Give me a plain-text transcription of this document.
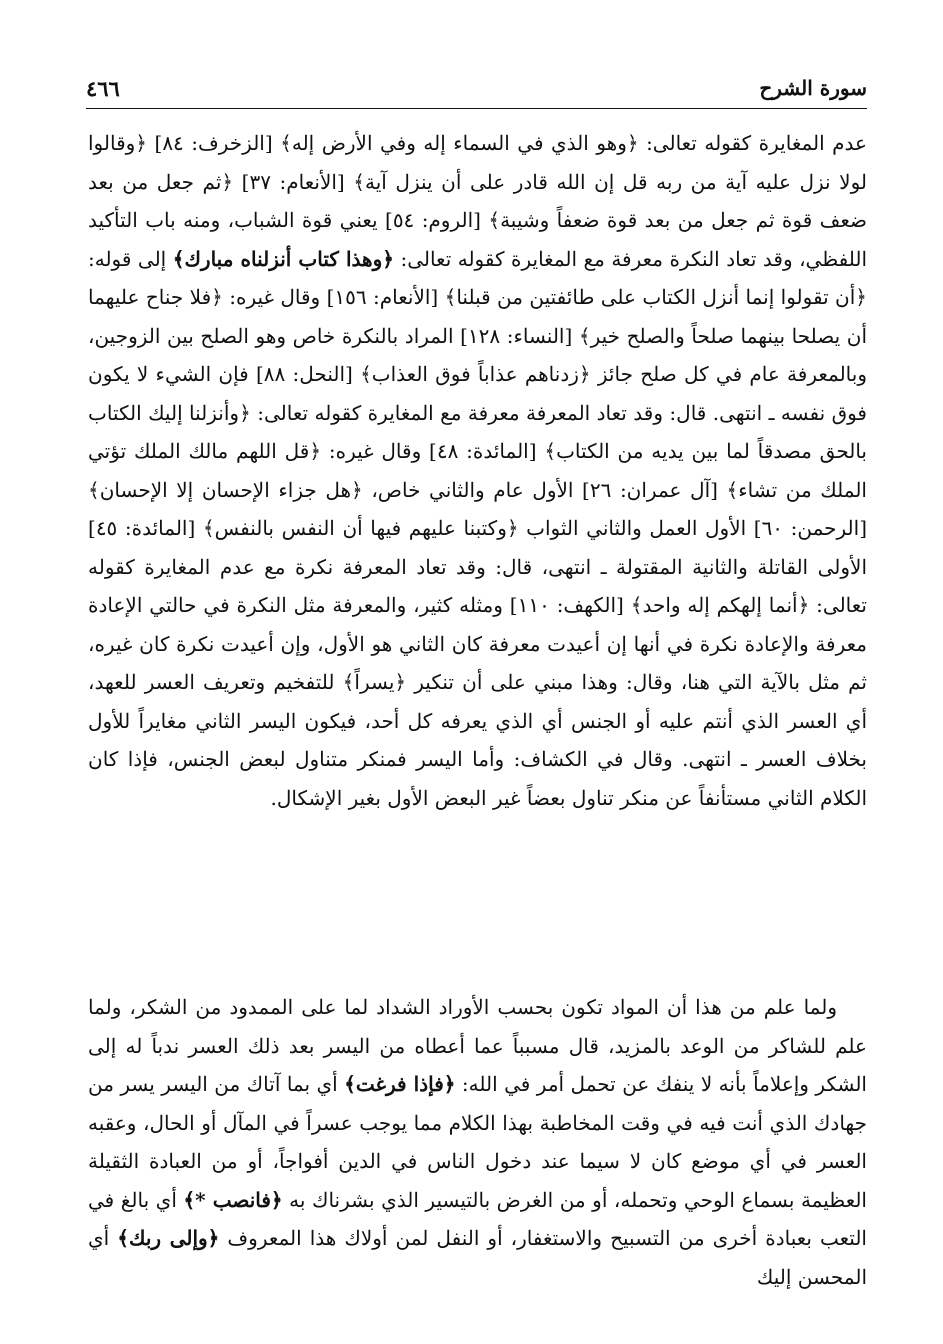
٤٦٦	سورة الشرح

عدم المغايرة كقوله تعالى: ﴿وهو الذي في السماء إله وفي الأرض إله﴾ [الزخرف: ٨٤] ﴿وقالوا لولا نزل عليه آية من ربه قل إن الله قادر على أن ينزل آية﴾ [الأنعام: ٣٧] ﴿ثم جعل من بعد ضعف قوة ثم جعل من بعد قوة ضعفاً وشيبة﴾ [الروم: ٥٤] يعني قوة الشباب، ومنه باب التأكيد اللفظي، وقد تعاد النكرة معرفة مع المغايرة كقوله تعالى: ﴿وهذا كتاب أنزلناه مبارك﴾ إلى قوله: ﴿أن تقولوا إنما أنزل الكتاب على طائفتين من قبلنا﴾ [الأنعام: ١٥٦] وقال غيره: ﴿فلا جناح عليهما أن يصلحا بينهما صلحاً والصلح خير﴾ [النساء: ١٢٨] المراد بالنكرة خاص وهو الصلح بين الزوجين، وبالمعرفة عام في كل صلح جائز ﴿زدناهم عذاباً فوق العذاب﴾ [النحل: ٨٨] فإن الشيء لا يكون فوق نفسه ـ انتهى. قال: وقد تعاد المعرفة معرفة مع المغايرة كقوله تعالى: ﴿وأنزلنا إليك الكتاب بالحق مصدقاً لما بين يديه من الكتاب﴾ [المائدة: ٤٨] وقال غيره: ﴿قل اللهم مالك الملك تؤتي الملك من تشاء﴾ [آل عمران: ٢٦] الأول عام والثاني خاص، ﴿هل جزاء الإحسان إلا الإحسان﴾ [الرحمن: ٦٠] الأول العمل والثاني الثواب ﴿وكتبنا عليهم فيها أن النفس بالنفس﴾ [المائدة: ٤٥] الأولى القاتلة والثانية المقتولة ـ انتهى، قال: وقد تعاد المعرفة نكرة مع عدم المغايرة كقوله تعالى: ﴿أنما إلهكم إله واحد﴾ [الكهف: ١١٠] ومثله كثير، والمعرفة مثل النكرة في حالتي الإعادة معرفة والإعادة نكرة في أنها إن أعيدت معرفة كان الثاني هو الأول، وإن أعيدت نكرة كان غيره، ثم مثل بالآية التي هنا، وقال: وهذا مبني على أن تنكير ﴿يسراً﴾ للتفخيم وتعريف العسر للعهد، أي العسر الذي أنتم عليه أو الجنس أي الذي يعرفه كل أحد، فيكون اليسر الثاني مغايراً للأول بخلاف العسر ـ انتهى. وقال في الكشاف: وأما اليسر فمنكر متناول لبعض الجنس، فإذا كان الكلام الثاني مستأنفاً عن منكر تناول بعضاً غير البعض الأول بغير الإشكال.

ولما علم من هذا أن المواد تكون بحسب الأوراد الشداد لما على الممدود من الشكر، ولما علم للشاكر من الوعد بالمزيد، قال مسبباً عما أعطاه من اليسر بعد ذلك العسر ندباً له إلى الشكر وإعلاماً بأنه لا ينفك عن تحمل أمر في الله: ﴿فإذا فرغت﴾ أي بما آتاك من اليسر يسر من جهادك الذي أنت فيه في وقت المخاطبة بهذا الكلام مما يوجب عسراً في المآل أو الحال، وعقبه العسر في أي موضع كان لا سيما عند دخول الناس في الدين أفواجاً، أو من العبادة الثقيلة العظيمة بسماع الوحي وتحمله، أو من الغرض بالتيسير الذي بشرناك به ﴿فانصب *﴾ أي بالغ في التعب بعبادة أخرى من التسبيح والاستغفار، أو النفل لمن أولاك هذا المعروف ﴿وإلى ربك﴾ أي المحسن إليك
